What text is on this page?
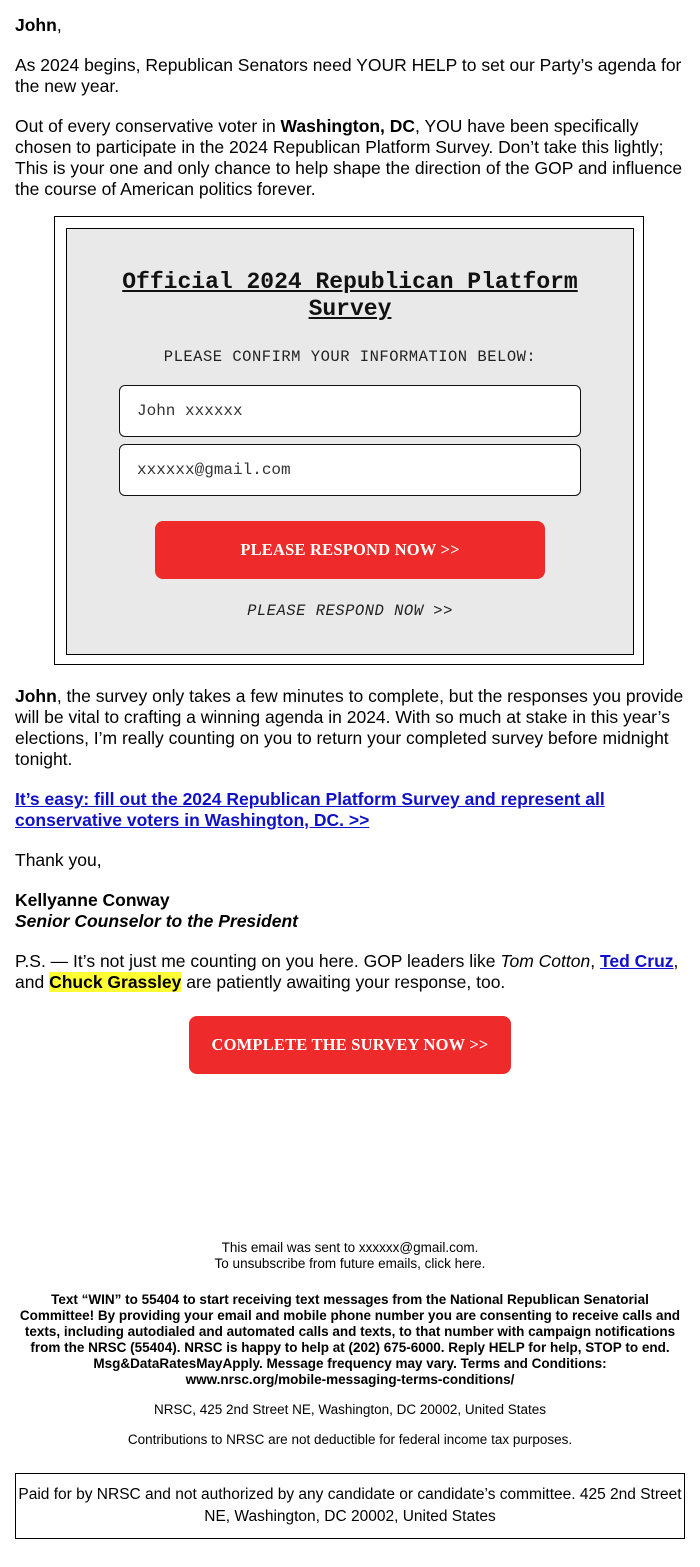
John,

As 2024 begins, Republican Senators need YOUR HELP to set our Party’s agenda for the new year.

Out of every conservative voter in Washington, DC, YOU have been specifically chosen to participate in the 2024 Republican Platform Survey. Don’t take this lightly; This is your one and only chance to help shape the direction of the GOP and influence the course of American politics forever.

Official 2024 Republican Platform Survey
PLEASE CONFIRM YOUR INFORMATION BELOW:
John xxxxxx
xxxxxx@gmail.com
PLEASE RESPOND NOW >>
PLEASE RESPOND NOW >>

John, the survey only takes a few minutes to complete, but the responses you provide will be vital to crafting a winning agenda in 2024. With so much at stake in this year’s elections, I’m really counting on you to return your completed survey before midnight tonight.

It’s easy: fill out the 2024 Republican Platform Survey and represent all conservative voters in Washington, DC. >>

Thank you,

Kellyanne Conway

Senior Counselor to the President

P.S. — It’s not just me counting on you here. GOP leaders like Tom Cotton, Ted Cruz, and Chuck Grassley are patiently awaiting your response, too.

COMPLETE THE SURVEY NOW >>
This email was sent to xxxxxx@gmail.com.
To unsubscribe from future emails, click here.
Text “WIN” to 55404 to start receiving text messages from the National Republican Senatorial Committee! By providing your email and mobile phone number you are consenting to receive calls and texts, including autodialed and automated calls and texts, to that number with campaign notifications from the NRSC (55404). NRSC is happy to help at (202) 675-6000. Reply HELP for help, STOP to end. Msg&DataRatesMayApply. Message frequency may vary. Terms and Conditions:
www.nrsc.org/mobile-messaging-terms-conditions/
NRSC, 425 2nd Street NE, Washington, DC 20002, United States
Contributions to NRSC are not deductible for federal income tax purposes.
Paid for by NRSC and not authorized by any candidate or candidate’s committee. 425 2nd Street NE, Washington, DC 20002, United States
